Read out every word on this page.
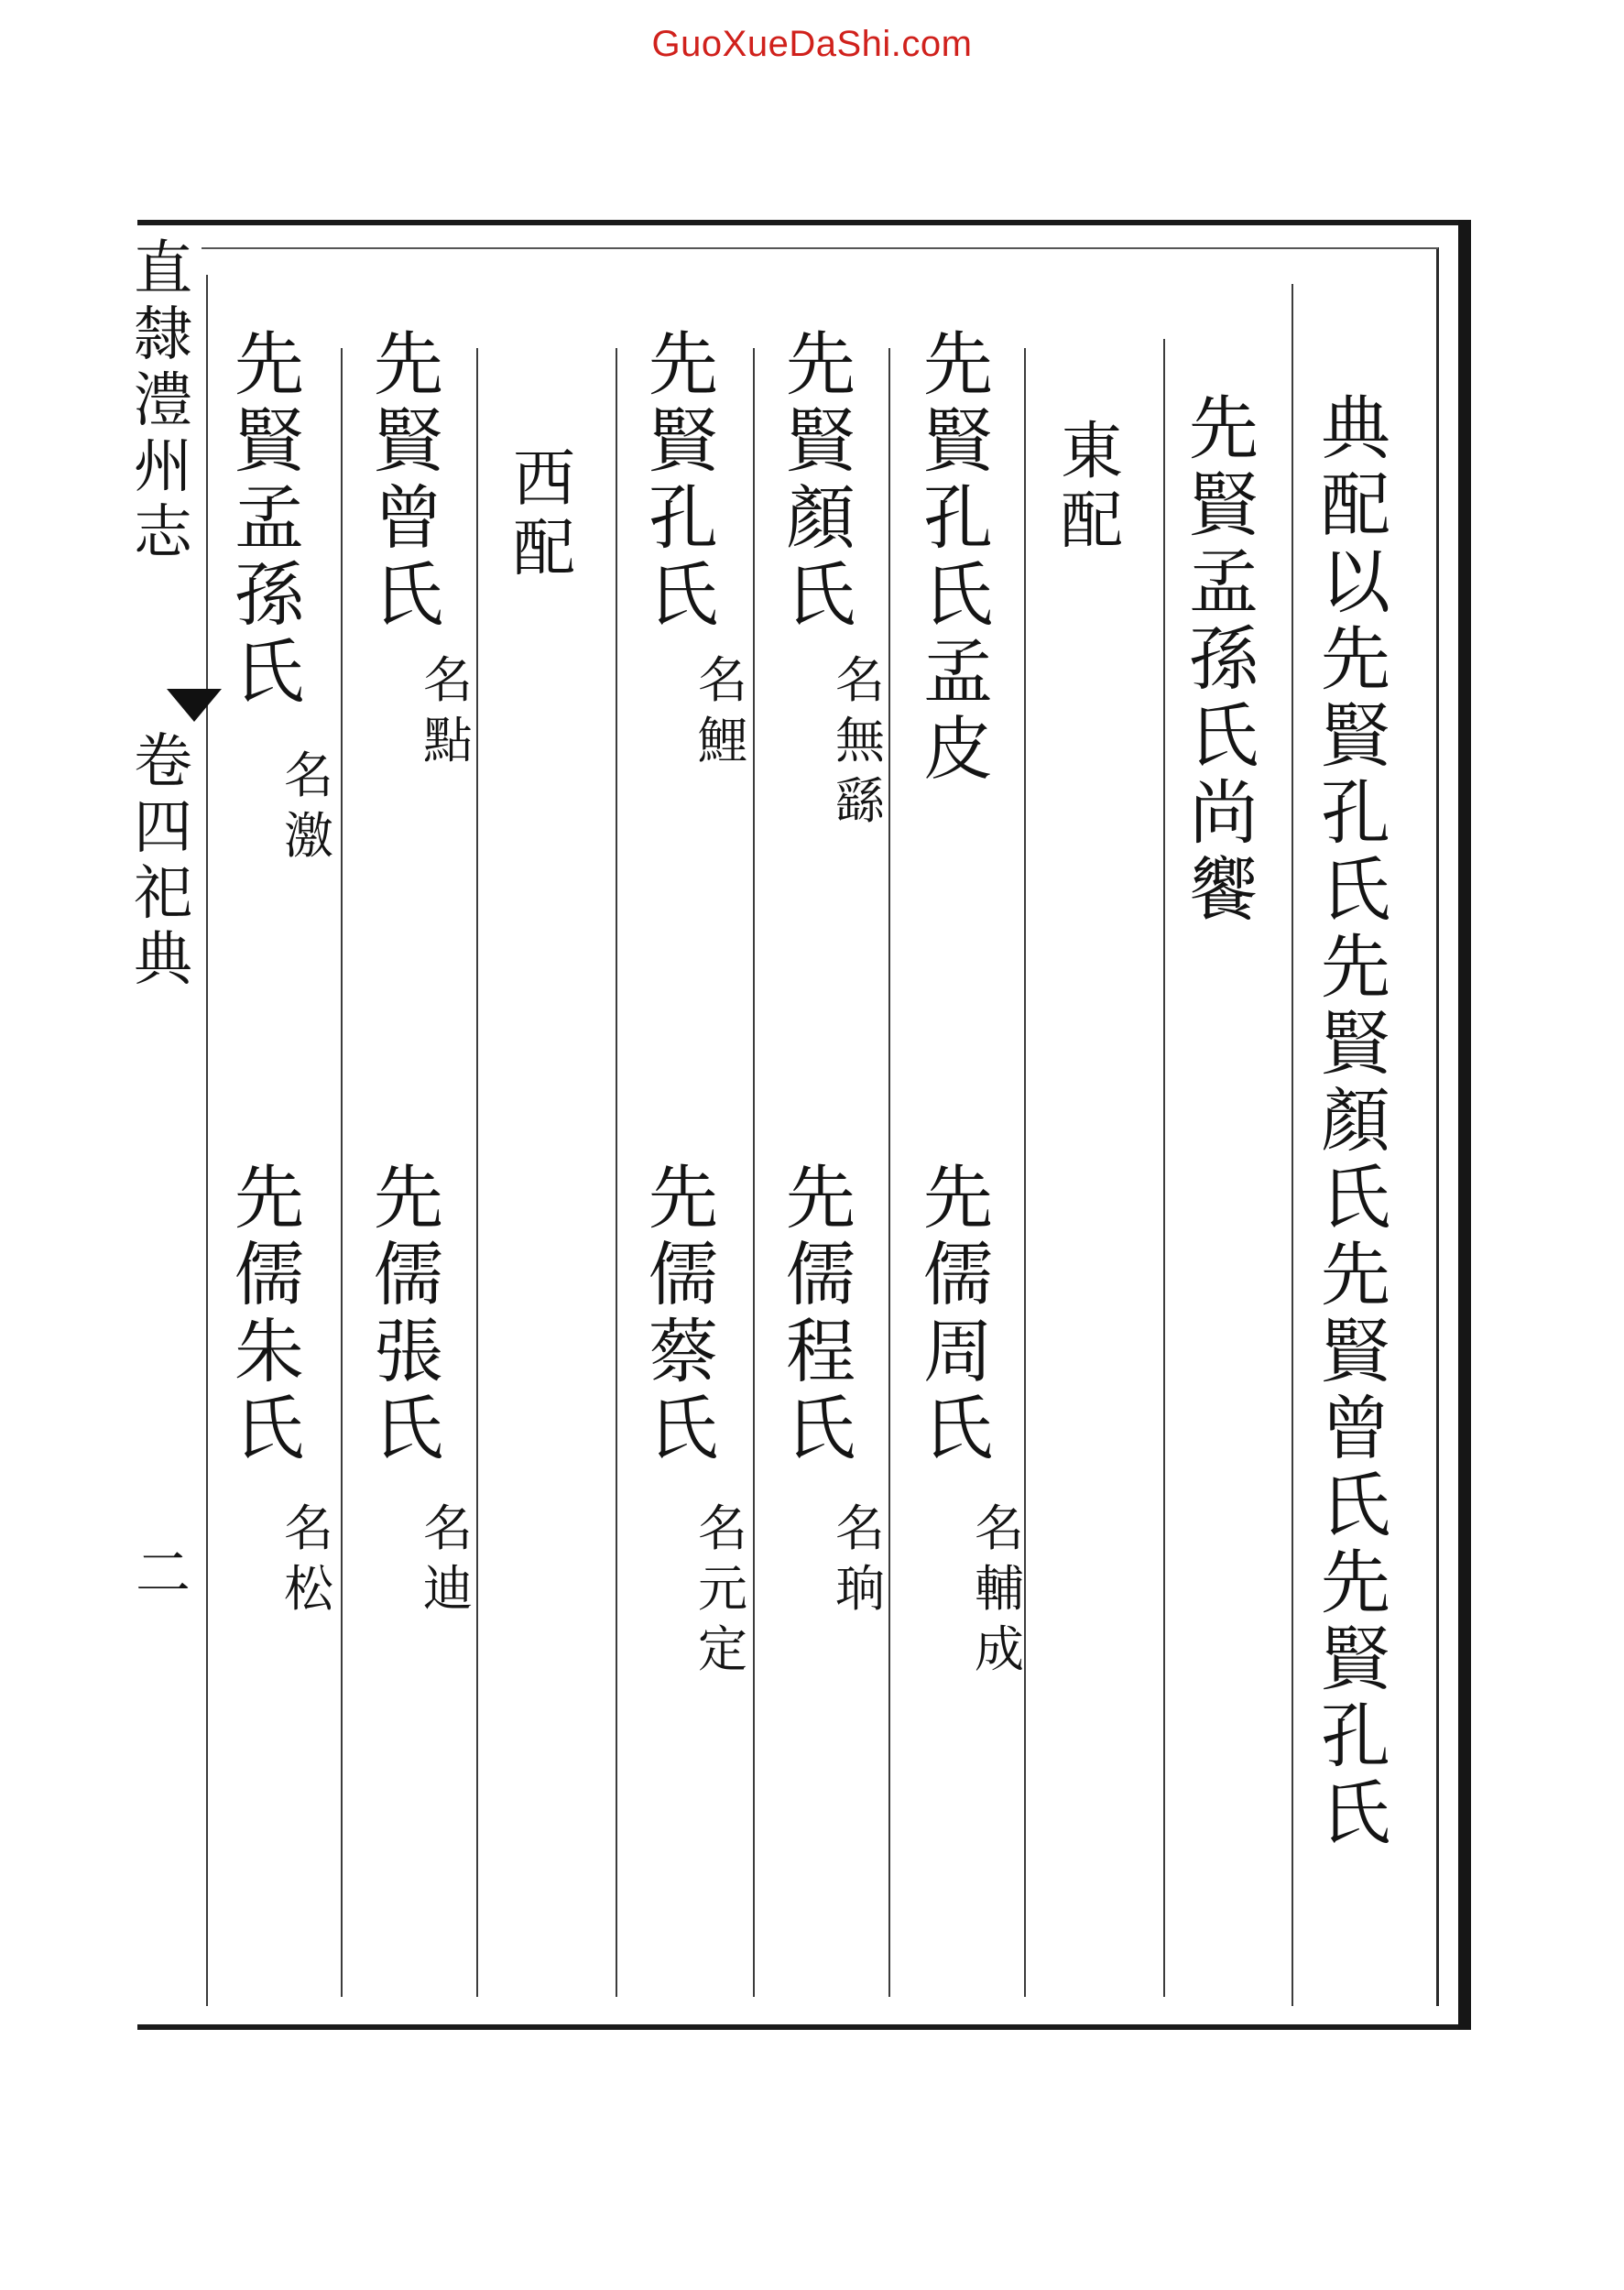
GuoXueDaShi.com
直
隸
澧
州
志
卷
四
祀
典
二
典
配
以
先
賢
孔
氏
先
賢
顏
氏
先
賢
曾
氏
先
賢
孔
氏
先
賢
孟
孫
氏
尚
饗
東
配
先
賢
孔
氏
孟
皮
先
儒
周
氏
名
輔
成
先
賢
顏
氏
名
無
繇
先
儒
程
氏
名
珦
先
賢
孔
氏
名
鯉
先
儒
蔡
氏
名
元
定
西
配
先
賢
曾
氏
名
點
先
儒
張
氏
名
迪
先
賢
孟
孫
氏
名
激
先
儒
朱
氏
名
松
